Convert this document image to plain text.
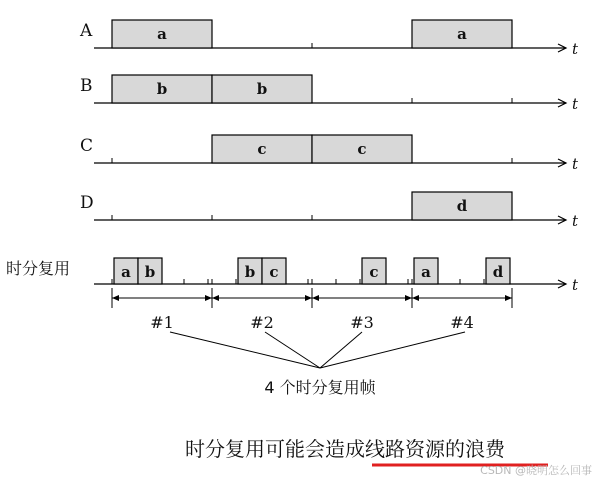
A
t
a	a
B
t
b	b
C
t
c	c
D
t
d
时分复用
t
a b	b c	c	a	d
#1	#2	#3	#4
4 个时分复用帧
时分复用可能会造成线路资源的浪费
CSDN @晓明怎么回事
